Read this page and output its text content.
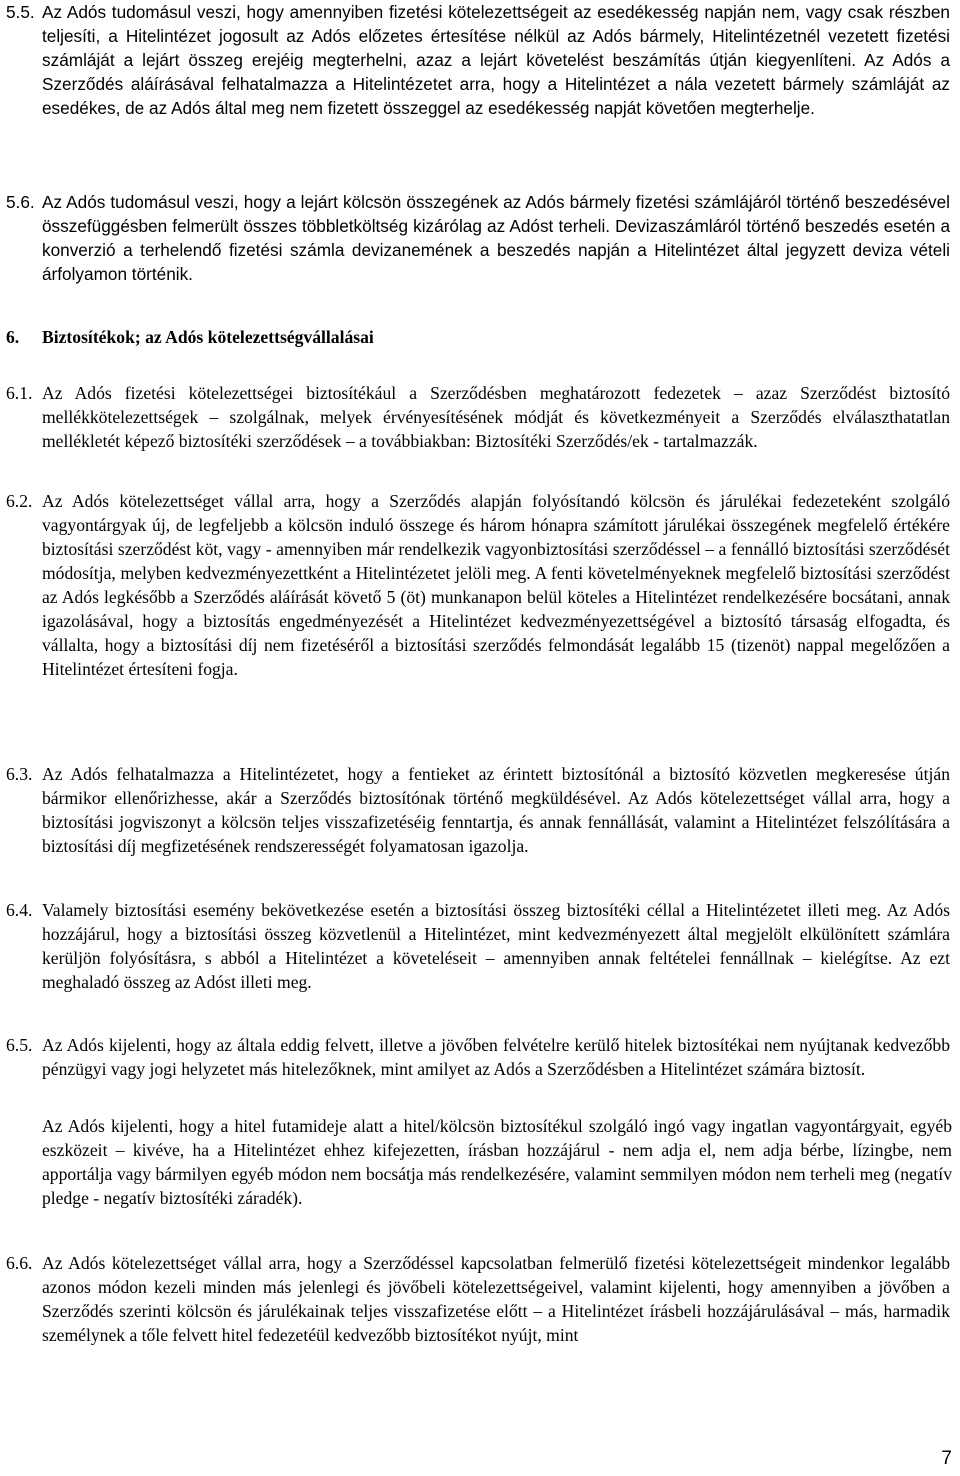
5.5. Az Adós tudomásul veszi, hogy amennyiben fizetési kötelezettségeit az esedékesség napján nem, vagy csak részben teljesíti, a Hitelintézet jogosult az Adós előzetes értesítése nélkül az Adós bármely, Hitelintézetnél vezetett fizetési számláját a lejárt összeg erejéig megterhelni, azaz a lejárt követelést beszámítás útján kiegyenlíteni. Az Adós a Szerződés aláírásával felhatalmazza a Hitelintézetet arra, hogy a Hitelintézet a nála vezetett bármely számláját az esedékes, de az Adós által meg nem fizetett összeggel az esedékesség napját követően megterhelje.
5.6. Az Adós tudomásul veszi, hogy a lejárt kölcsön összegének az Adós bármely fizetési számlájáról történő beszedésével összefüggésben felmerült összes többletköltség kizárólag az Adóst terheli. Devizaszámláról történő beszedés esetén a konverzió a terhelendő fizetési számla devizanemének a beszedés napján a Hitelintézet által jegyzett deviza vételi árfolyamon történik.
6. Biztosítékok; az Adós kötelezettségvállalásai
6.1. Az Adós fizetési kötelezettségei biztosítékául a Szerződésben meghatározott fedezetek – azaz Szerződést biztosító mellékkötelezettségek – szolgálnak, melyek érvényesítésének módját és következményeit a Szerződés elválaszthatatlan mellékletét képező biztosítéki szerződések – a továbbiakban: Biztosítéki Szerződés/ek - tartalmazzák.
6.2. Az Adós kötelezettséget vállal arra, hogy a Szerződés alapján folyósítandó kölcsön és járulékai fedezeteként szolgáló vagyontárgyak új, de legfeljebb a kölcsön induló összege és három hónapra számított járulékai összegének megfelelő értékére biztosítási szerződést köt, vagy - amennyiben már rendelkezik vagyonbiztosítási szerződéssel – a fennálló biztosítási szerződését módosítja, melyben kedvezményezettként a Hitelintézetet jelöli meg. A fenti követelményeknek megfelelő biztosítási szerződést az Adós legkésőbb a Szerződés aláírását követő 5 (öt) munkanapon belül köteles a Hitelintézet rendelkezésére bocsátani, annak igazolásával, hogy a biztosítás engedményezését a Hitelintézet kedvezményezettségével a biztosító társaság elfogadta, és vállalta, hogy a biztosítási díj nem fizetéséről a biztosítási szerződés felmondását legalább 15 (tizenöt) nappal megelőzően a Hitelintézet értesíteni fogja.
6.3. Az Adós felhatalmazza a Hitelintézetet, hogy a fentieket az érintett biztosítónál a biztosító közvetlen megkeresése útján bármikor ellenőrizhesse, akár a Szerződés biztosítónak történő megküldésével. Az Adós kötelezettséget vállal arra, hogy a biztosítási jogviszonyt a kölcsön teljes visszafizetéséig fenntartja, és annak fennállását, valamint a Hitelintézet felszólítására a biztosítási díj megfizetésének rendszerességét folyamatosan igazolja.
6.4. Valamely biztosítási esemény bekövetkezése esetén a biztosítási összeg biztosítéki céllal a Hitelintézetet illeti meg. Az Adós hozzájárul, hogy a biztosítási összeg közvetlenül a Hitelintézet, mint kedvezményezett által megjelölt elkülönített számlára kerüljön folyósításra, s abból a Hitelintézet a követeléseit – amennyiben annak feltételei fennállnak – kielégítse. Az ezt meghaladó összeg az Adóst illeti meg.
6.5. Az Adós kijelenti, hogy az általa eddig felvett, illetve a jövőben felvételre kerülő hitelek biztosítékai nem nyújtanak kedvezőbb pénzügyi vagy jogi helyzetet más hitelezőknek, mint amilyet az Adós a Szerződésben a Hitelintézet számára biztosít.
Az Adós kijelenti, hogy a hitel futamideje alatt a hitel/kölcsön biztosítékul szolgáló ingó vagy ingatlan vagyontárgyait, egyéb eszközeit – kivéve, ha a Hitelintézet ehhez kifejezetten, írásban hozzájárul - nem adja el, nem adja bérbe, lízingbe, nem apportálja vagy bármilyen egyéb módon nem bocsátja más rendelkezésére, valamint semmilyen módon nem terheli meg (negatív pledge - negatív biztosítéki záradék).
6.6. Az Adós kötelezettséget vállal arra, hogy a Szerződéssel kapcsolatban felmerülő fizetési kötelezettségeit mindenkor legalább azonos módon kezeli minden más jelenlegi és jövőbeli kötelezettségeivel, valamint kijelenti, hogy amennyiben a jövőben a Szerződés szerinti kölcsön és járulékainak teljes visszafizetése előtt – a Hitelintézet írásbeli hozzájárulásával – más, harmadik személynek a tőle felvett hitel fedezetéül kedvezőbb biztosítékot nyújt, mint
7
